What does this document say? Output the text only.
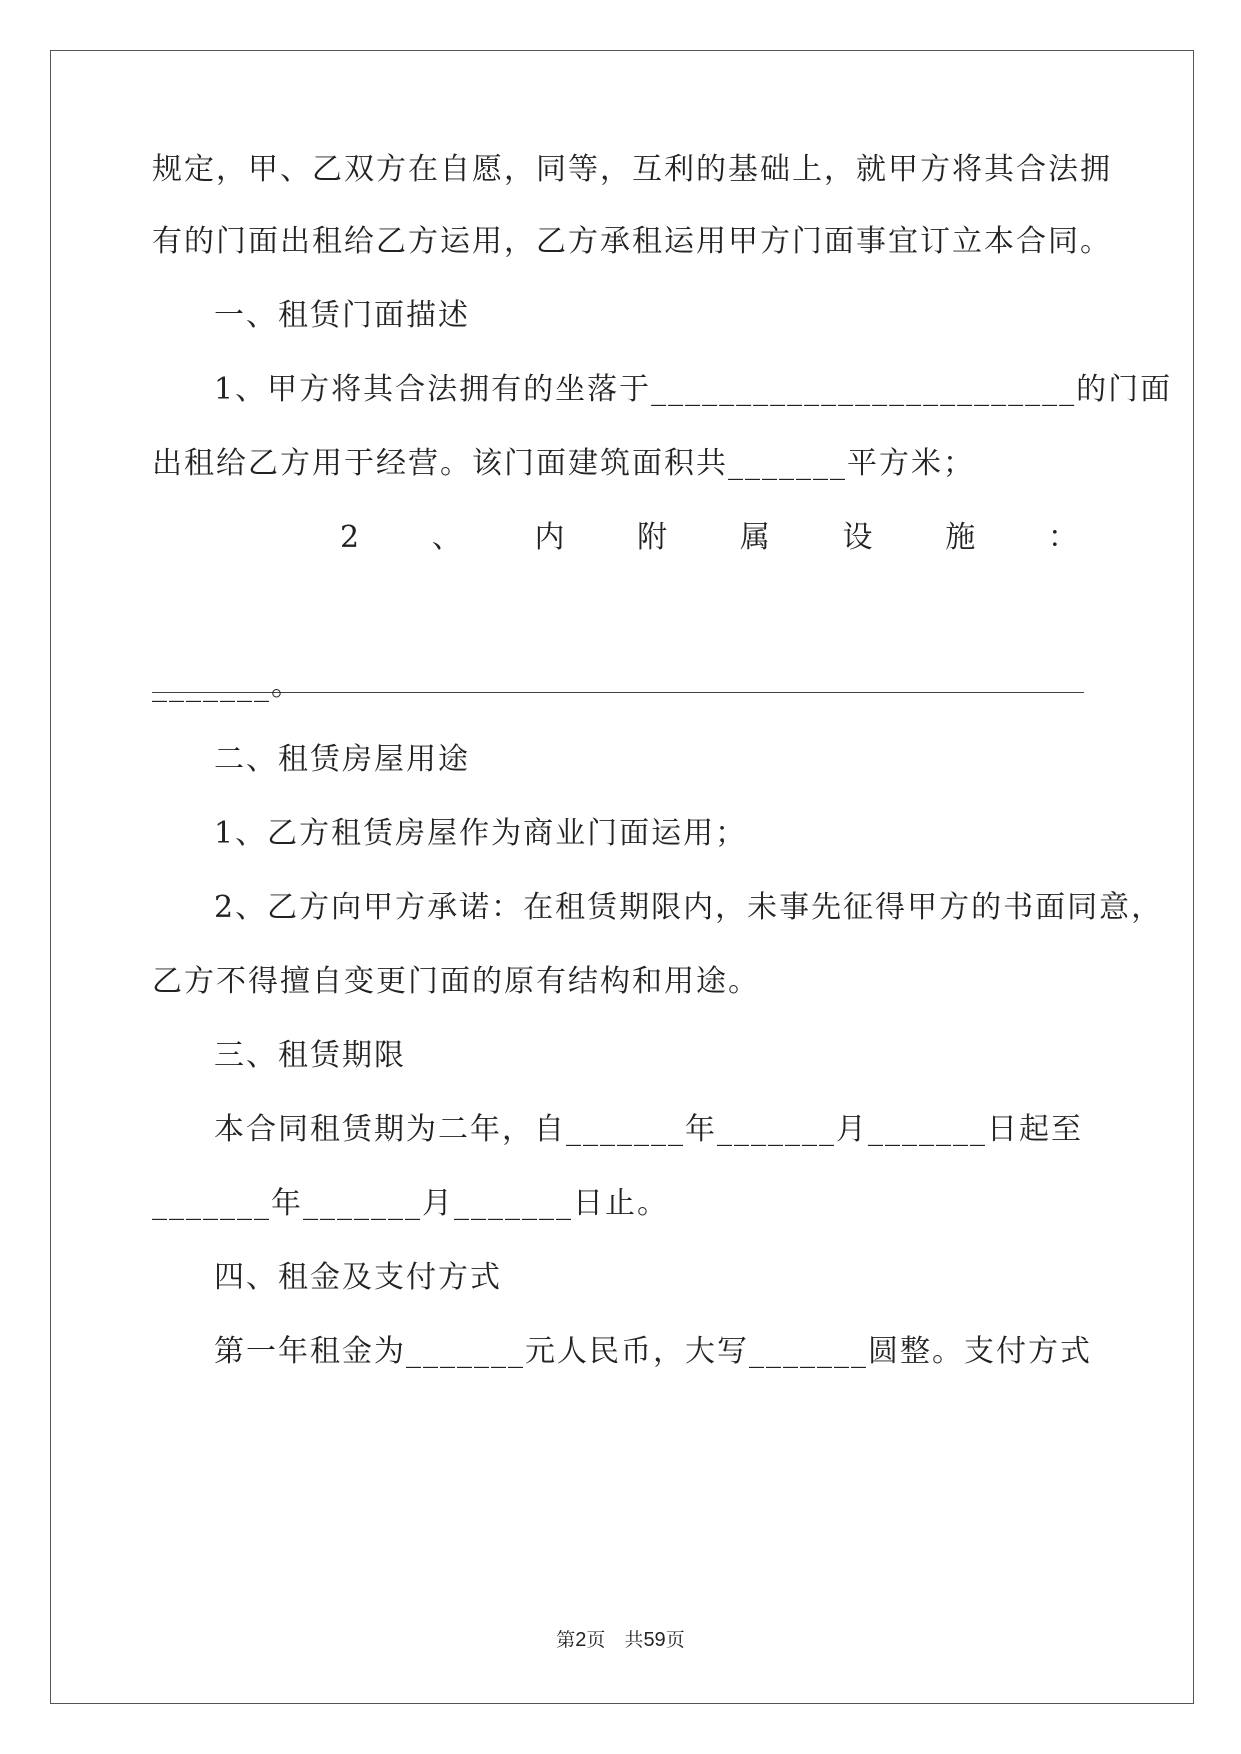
规定，甲、乙双方在自愿，同等，互利的基础上，就甲方将其合法拥
有的门面出租给乙方运用，乙方承租运用甲方门面事宜订立本合同。
一、租赁门面描述
1、甲方将其合法拥有的坐落于_________________________的门面
出租给乙方用于经营。该门面建筑面积共_______平方米；
2 、 内 附 属 设 施 ：
_______。
二、租赁房屋用途
1、乙方租赁房屋作为商业门面运用；
2、乙方向甲方承诺：在租赁期限内，未事先征得甲方的书面同意，
乙方不得擅自变更门面的原有结构和用途。
三、租赁期限
本合同租赁期为二年，自_______年_______月_______日起至
_______年_______月_______日止。
四、租金及支付方式
第一年租金为_______元人民币，大写_______圆整。支付方式
第2页　共59页
